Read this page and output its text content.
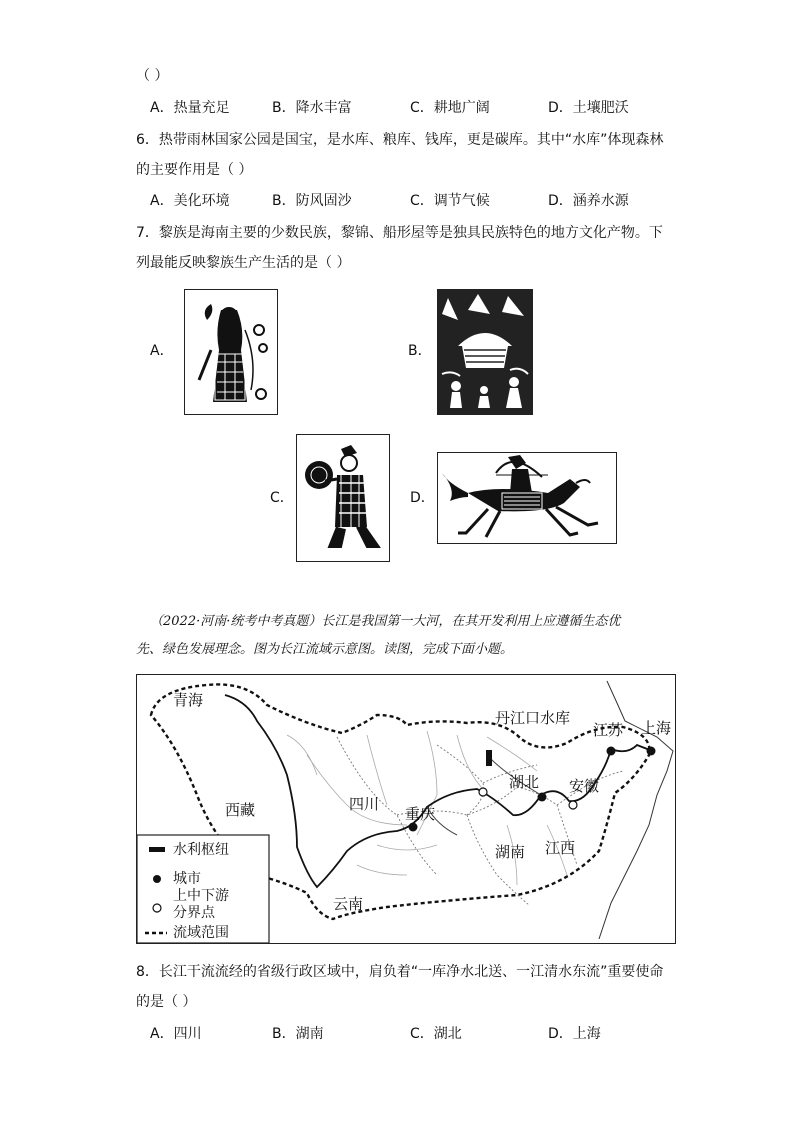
（ ）
A．热量充足	B．降水丰富	C．耕地广阔	D．土壤肥沃
6．热带雨林国家公园是国宝，是水库、粮库、钱库，更是碳库。其中“水库”体现森林
的主要作用是（ ）
A．美化环境	B．防风固沙	C．调节气候	D．涵养水源
7．黎族是海南主要的少数民族，黎锦、船形屋等是独具民族特色的地方文化产物。下
列最能反映黎族生产生活的是（ ）
A．	B．
C．	D．
（2022·河南·统考中考真题）长江是我国第一大河，在其开发利用上应遵循生态优
先、绿色发展理念。图为长江流域示意图。读图，完成下面小题。
青海
西藏	四川
云南
湖北
湖南 江西
安徽
江苏 上海
重庆
丹江口水库
水利枢纽
城市
上中下游
分界点
流域范围
8．长江干流流经的省级行政区域中，肩负着“一库净水北送、一江清水东流”重要使命
的是（ ）
A．四川	B．湖南	C．湖北	D．上海
